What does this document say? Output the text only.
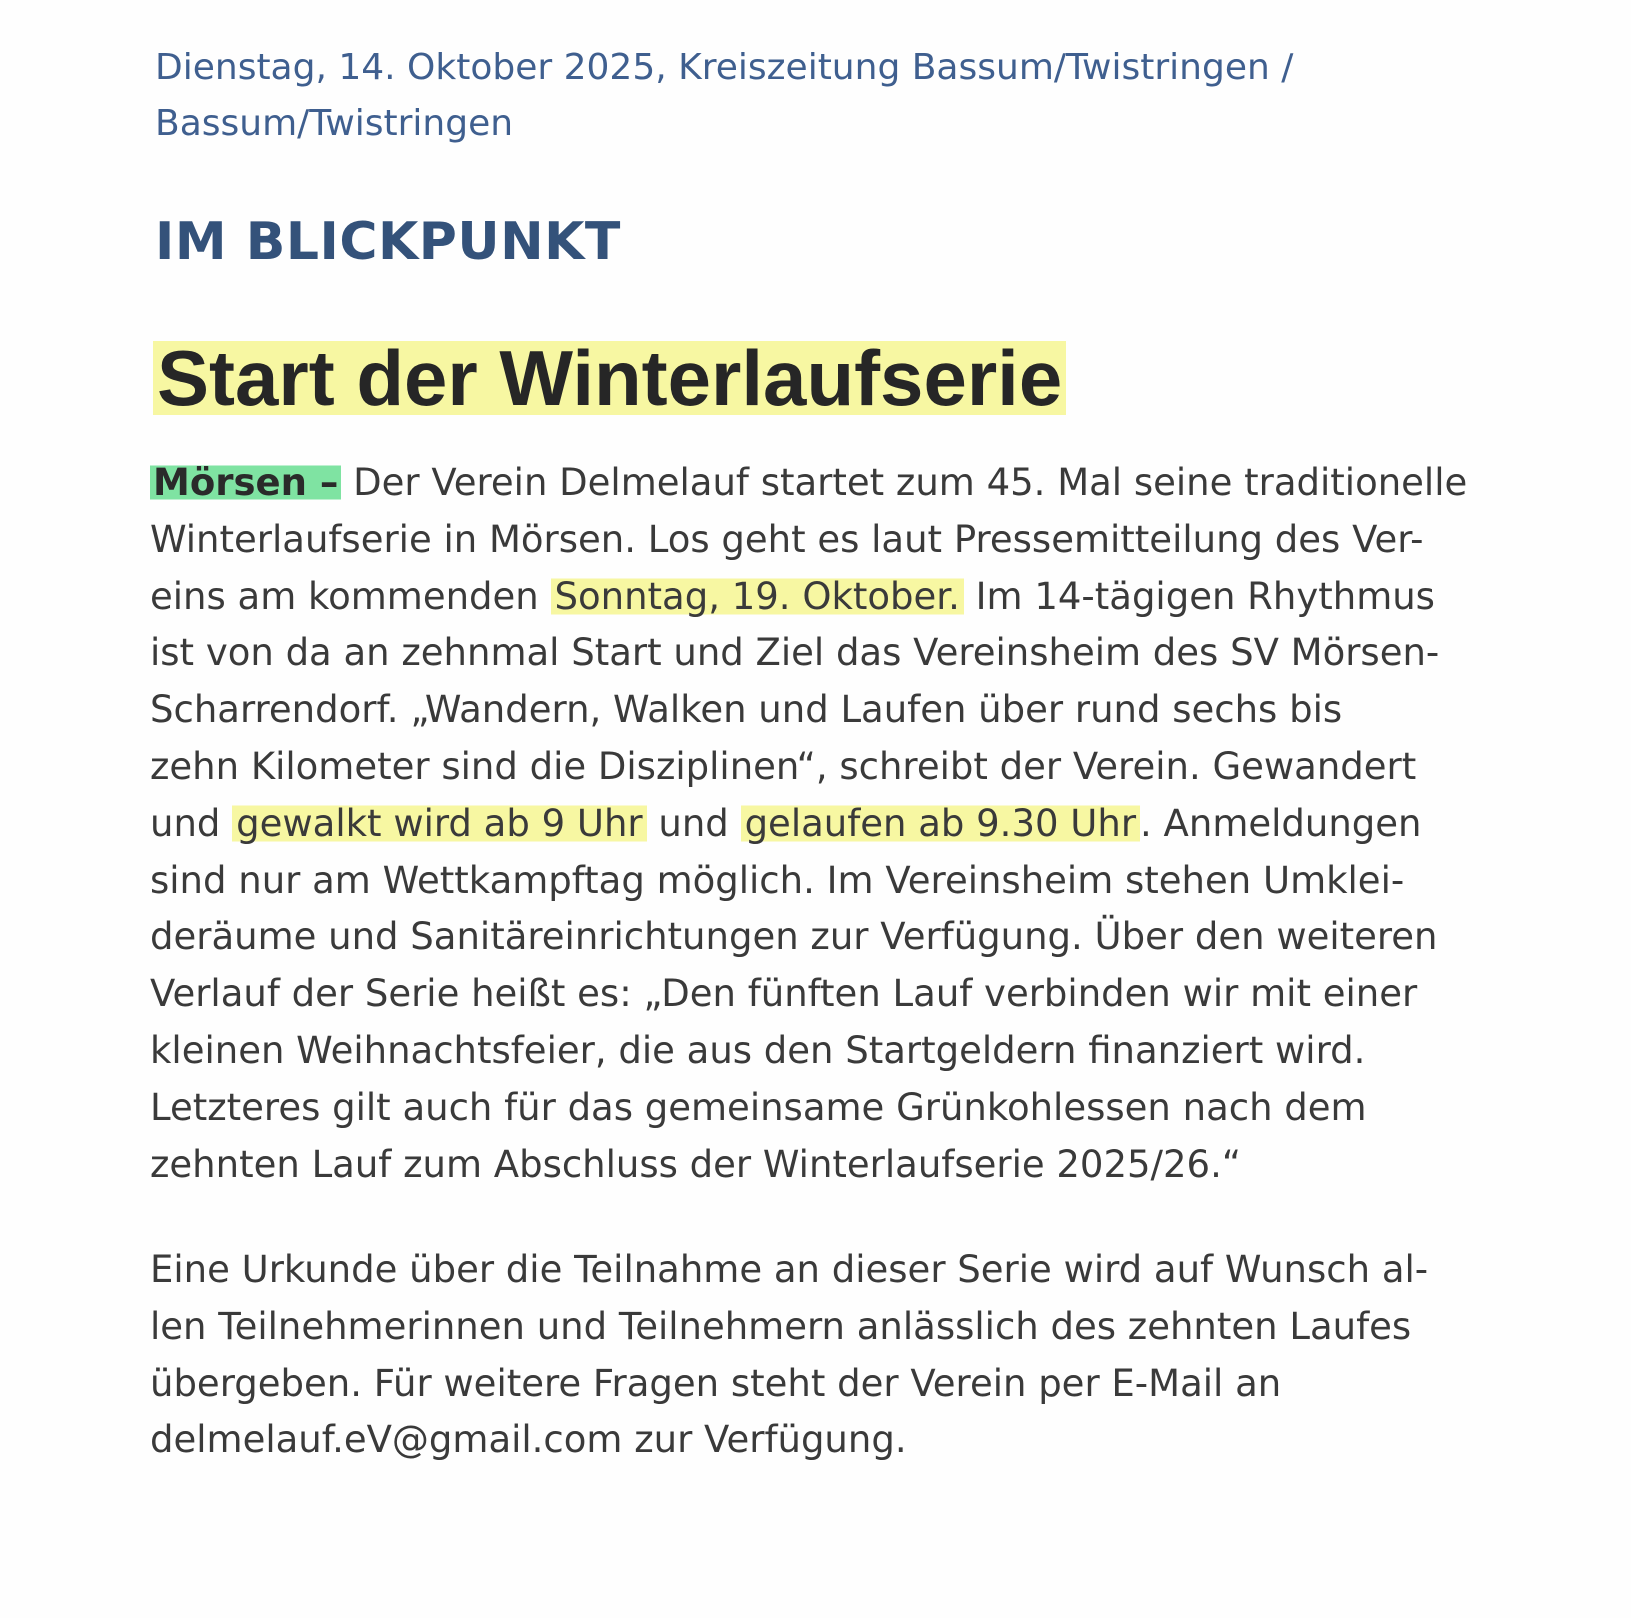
Dienstag, 14. Oktober 2025, Kreiszeitung Bassum/Twistringen /
Bassum/Twistringen
IM BLICKPUNKT
Start der Winterlaufserie
Mörsen – Der Verein Delmelauf startet zum 45. Mal seine traditionelle
Winterlaufserie in Mörsen. Los geht es laut Pressemitteilung des Ver-
eins am kommenden Sonntag, 19. Oktober. Im 14-tägigen Rhythmus
ist von da an zehnmal Start und Ziel das Vereinsheim des SV Mörsen-
Scharrendorf. „Wandern, Walken und Laufen über rund sechs bis
zehn Kilometer sind die Disziplinen“, schreibt der Verein. Gewandert
und gewalkt wird ab 9 Uhr und gelaufen ab 9.30 Uhr . Anmeldungen
sind nur am Wettkampftag möglich. Im Vereinsheim stehen Umklei-
deräume und Sanitäreinrichtungen zur Verfügung. Über den weiteren
Verlauf der Serie heißt es: „Den fünften Lauf verbinden wir mit einer
kleinen Weihnachtsfeier, die aus den Startgeldern finanziert wird.
Letzteres gilt auch für das gemeinsame Grünkohlessen nach dem
zehnten Lauf zum Abschluss der Winterlaufserie 2025/26.“
Eine Urkunde über die Teilnahme an dieser Serie wird auf Wunsch al-
len Teilnehmerinnen und Teilnehmern anlässlich des zehnten Laufes
übergeben. Für weitere Fragen steht der Verein per E-Mail an
delmelauf.eV@gmail.com zur Verfügung.
